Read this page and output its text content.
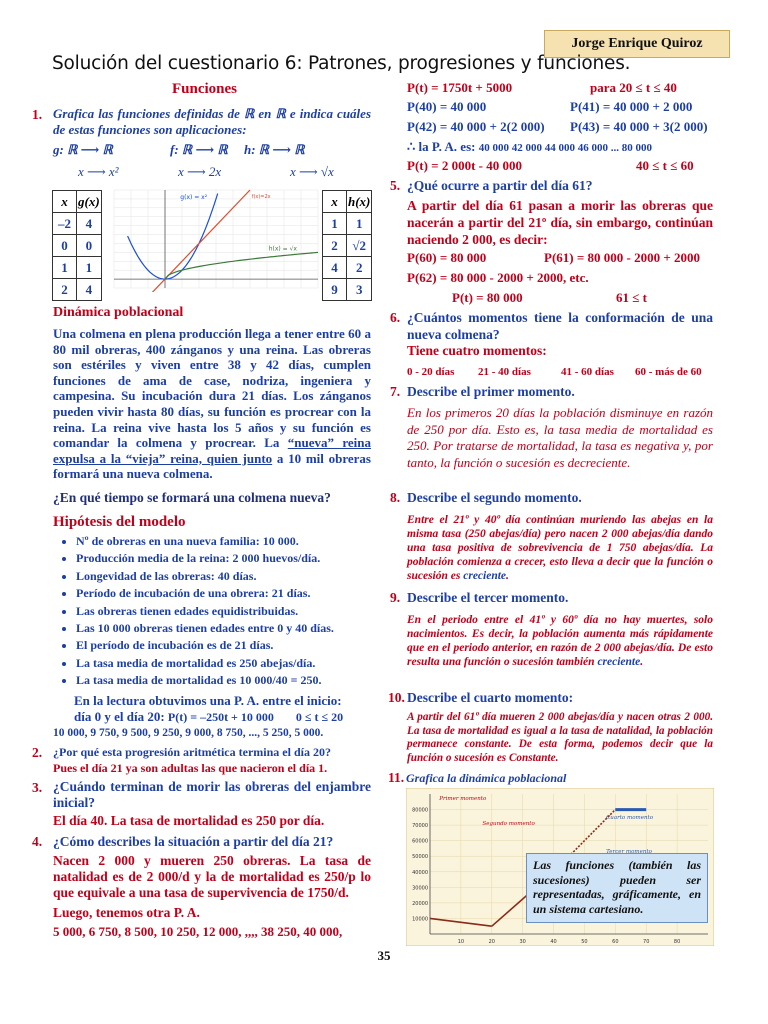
Jorge Enrique Quiroz
Solución del cuestionario 6: Patrones, progresiones y funciones.
Funciones
1. Grafica las funciones definidas de ℝ en ℝ e indica cuáles de estas funciones son aplicaciones:
g: ℝ ⟶ ℝ	f: ℝ ⟶ ℝ h: ℝ ⟶ ℝ
x ⟶ x²	x ⟶ 2x	x ⟶ √x
x	g(x)
–2	4
0	0
1	1
2	4
g(x) = x²	f(x)=2x
h(x) = √x
x	h(x)
1	1
2	√2
4	2
9	3
Dinámica poblacional
Una colmena en plena producción llega a tener entre 60 a 80 mil obreras, 400 zánganos y una reina. Las obreras son estériles y viven entre 38 y 42 días, cumplen funciones de ama de case, nodriza, ingeniera y campesina. Su incubación dura 21 días. Los zánganos pueden vivir hasta 80 días, su función es procrear con la reina. La reina vive hasta los 5 años y su función es comandar la colmena y procrear. La “nueva” reina expulsa a la “vieja” reina, quien junto a 10 mil obreras formará una nueva colmena.
¿En qué tiempo se formará una colmena nueva?
Hipótesis del modelo
• Nº de obreras en una nueva familia: 10 000.
• Producción media de la reina: 2 000 huevos/día.
• Longevidad de las obreras: 40 días.
• Período de incubación de una obrera: 21 días.
• Las obreras tienen edades equidistribuidas.
• Las 10 000 obreras tienen edades entre 0 y 40 días.
• El período de incubación es de 21 días.
• La tasa media de mortalidad es 250 abejas/día.
• La tasa media de mortalidad es 10 000/40 = 250.
En la lectura obtuvimos una P. A. entre el inicio:
día 0 y el día 20: P(t) = –250t + 10 000 0 ≤ t ≤ 20
10 000, 9 750, 9 500, 9 250, 9 000, 8 750, ..., 5 250, 5 000.
2. ¿Por qué esta progresión aritmética termina el día 20?
Pues el día 21 ya son adultas las que nacieron el día 1.
3. ¿Cuándo terminan de morir las obreras del enjambre inicial?
El día 40. La tasa de mortalidad es 250 por día.
4. ¿Cómo describes la situación a partir del día 21?
Nacen 2 000 y mueren 250 obreras. La tasa de natalidad es de 2 000/d y la de mortalidad es 250/p lo que equivale a una tasa de supervivencia de 1750/d.
Luego, tenemos otra P. A.
5 000, 6 750, 8 500, 10 250, 12 000, ,,,, 38 250, 40 000,
P(t) = 1750t + 5000	para 20 ≤ t ≤ 40
P(40) = 40 000	P(41) = 40 000 + 2 000
P(42) = 40 000 + 2(2 000) P(43) = 40 000 + 3(2 000)
∴ la P. A. es: 40 000 42 000 44 000 46 000 ... 80 000
P(t) = 2 000t - 40 000	40 ≤ t ≤ 60
5. ¿Qué ocurre a partir del día 61?
A partir del día 61 pasan a morir las obreras que nacerán a partir del 21º día, sin embargo, continúan naciendo 2 000, es decir:
P(60) = 80 000	P(61) = 80 000 - 2000 + 2000
P(62) = 80 000 - 2000 + 2000, etc.
P(t) = 80 000	61 ≤ t
6. ¿Cuántos momentos tiene la conformación de una nueva colmena?
Tiene cuatro momentos:
0 - 20 días 21 - 40 días	41 - 60 días 60 - más de 60
7. Describe el primer momento.
En los primeros 20 días la población disminuye en razón de 250 por día. Esto es, la tasa media de mortalidad es 250. Por tratarse de mortalidad, la tasa es negativa y, por tanto, la función o sucesión es decreciente.
8. Describe el segundo momento.
Entre el 21º y 40º día continúan muriendo las abejas en la misma tasa (250 abejas/día) pero nacen 2 000 abejas/día dando una tasa positiva de sobrevivencia de 1 750 abejas/día. La población comienza a crecer, esto lleva a decir que la función o sucesión es creciente.
9. Describe el tercer momento.
En el periodo entre el 41º y 60º día no hay muertes, solo nacimientos. Es decir, la población aumenta más rápidamente que en el periodo anterior, en razón de 2 000 abejas/día. De esto resulta una función o sucesión también creciente.
10. Describe el cuarto momento:
A partir del 61º día mueren 2 000 abejas/día y nacen otras 2 000. La tasa de mortalidad es igual a la tasa de natalidad, la población permanece constante. De esta forma, podemos decir que la función o sucesión es Constante.
11. Grafica la dinámica poblacional
10000
20000
30000
40000
50000
60000
70000
80000
10	20	30	40	50	60	70	80
Primer momento
Segundo momento
Cuarto momento
Las funciones (también las sucesiones) pueden ser representadas, gráficamente, en un sistema cartesiano.
35
